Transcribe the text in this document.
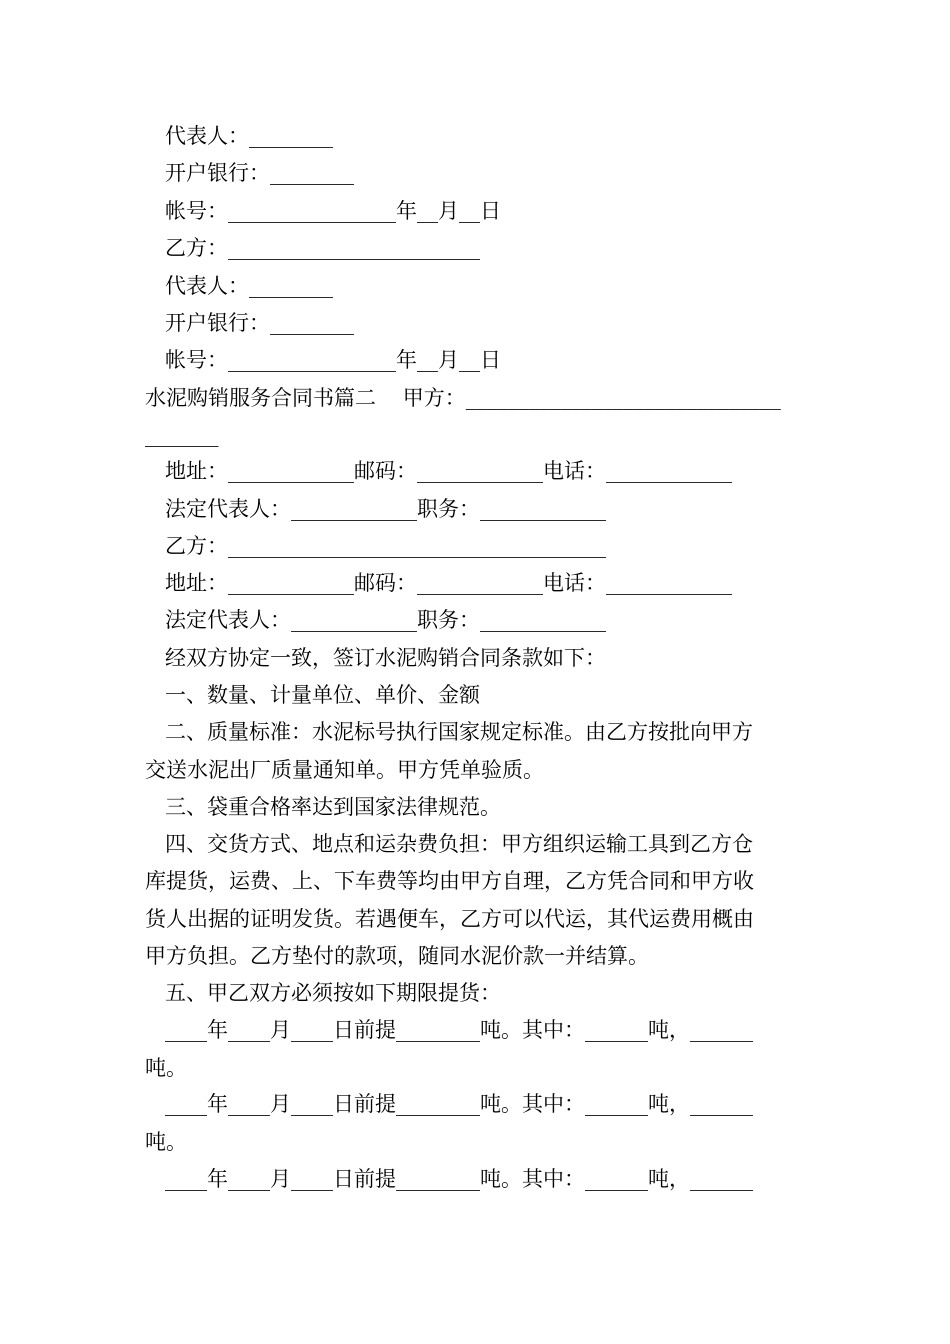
代表人：________
开户银行：________
帐号：________________年__月__日
乙方：________________________
代表人：________
开户银行：________
帐号：________________年__月__日
水泥购销服务合同书篇二    甲方：______________________________
_______
地址：____________邮码：____________电话：____________
法定代表人：____________职务：____________
乙方：____________________________________
地址：____________邮码：____________电话：____________
法定代表人：____________职务：____________
经双方协定一致，签订水泥购销合同条款如下：
一、数量、计量单位、单价、金额
二、质量标准：水泥标号执行国家规定标准。由乙方按批向甲方
交送水泥出厂质量通知单。甲方凭单验质。
三、袋重合格率达到国家法律规范。
四、交货方式、地点和运杂费负担：甲方组织运输工具到乙方仓
库提货，运费、上、下车费等均由甲方自理，乙方凭合同和甲方收
货人出据的证明发货。若遇便车，乙方可以代运，其代运费用概由
甲方负担。乙方垫付的款项，随同水泥价款一并结算。
五、甲乙双方必须按如下期限提货：
____年____月____日前提________吨。其中：______吨，______
吨。
____年____月____日前提________吨。其中：______吨，______
吨。
____年____月____日前提________吨。其中：______吨，______
